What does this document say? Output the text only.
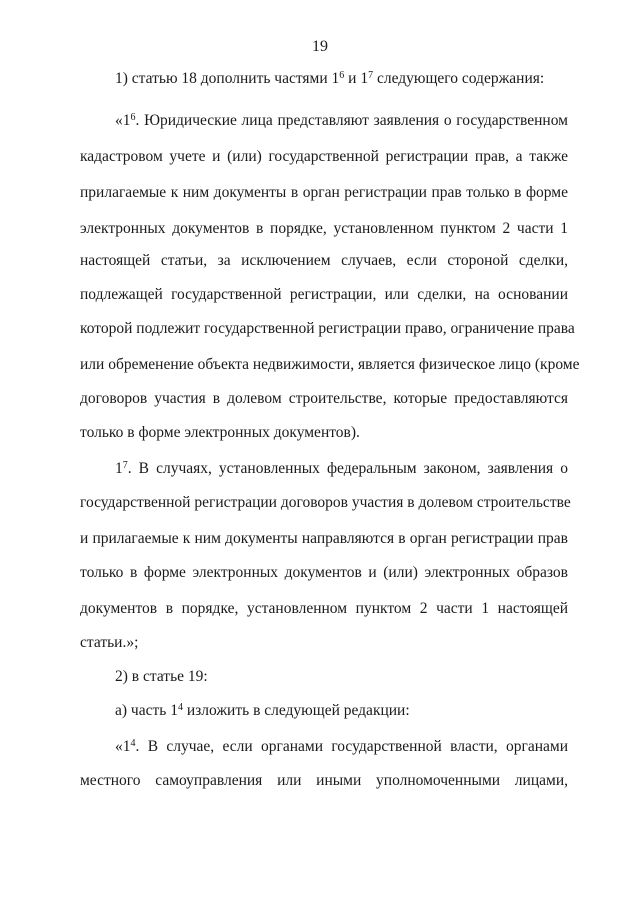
19
1) статью 18 дополнить частями $1^6$ и $1^7$ следующего содержания:
«$1^6$. Юридические лица представляют заявления о государственном
кадастровом учете и (или) государственной регистрации прав, а также
прилагаемые к ним документы в орган регистрации прав только в форме
электронных документов в порядке, установленном пунктом 2 части 1
настоящей статьи, за исключением случаев, если стороной сделки,
подлежащей государственной регистрации, или сделки, на основании
которой подлежит государственной регистрации право, ограничение права
или обременение объекта недвижимости, является физическое лицо (кроме
договоров участия в долевом строительстве, которые предоставляются
только в форме электронных документов).
$1^7$. В случаях, установленных федеральным законом, заявления о
государственной регистрации договоров участия в долевом строительстве
и прилагаемые к ним документы направляются в орган регистрации прав
только в форме электронных документов и (или) электронных образов
документов в порядке, установленном пунктом 2 части 1 настоящей
статьи.»;
2) в статье 19:
а) часть $1^4$ изложить в следующей редакции:
«$1^4$. В случае, если органами государственной власти, органами
местного самоуправления или иными уполномоченными лицами,
